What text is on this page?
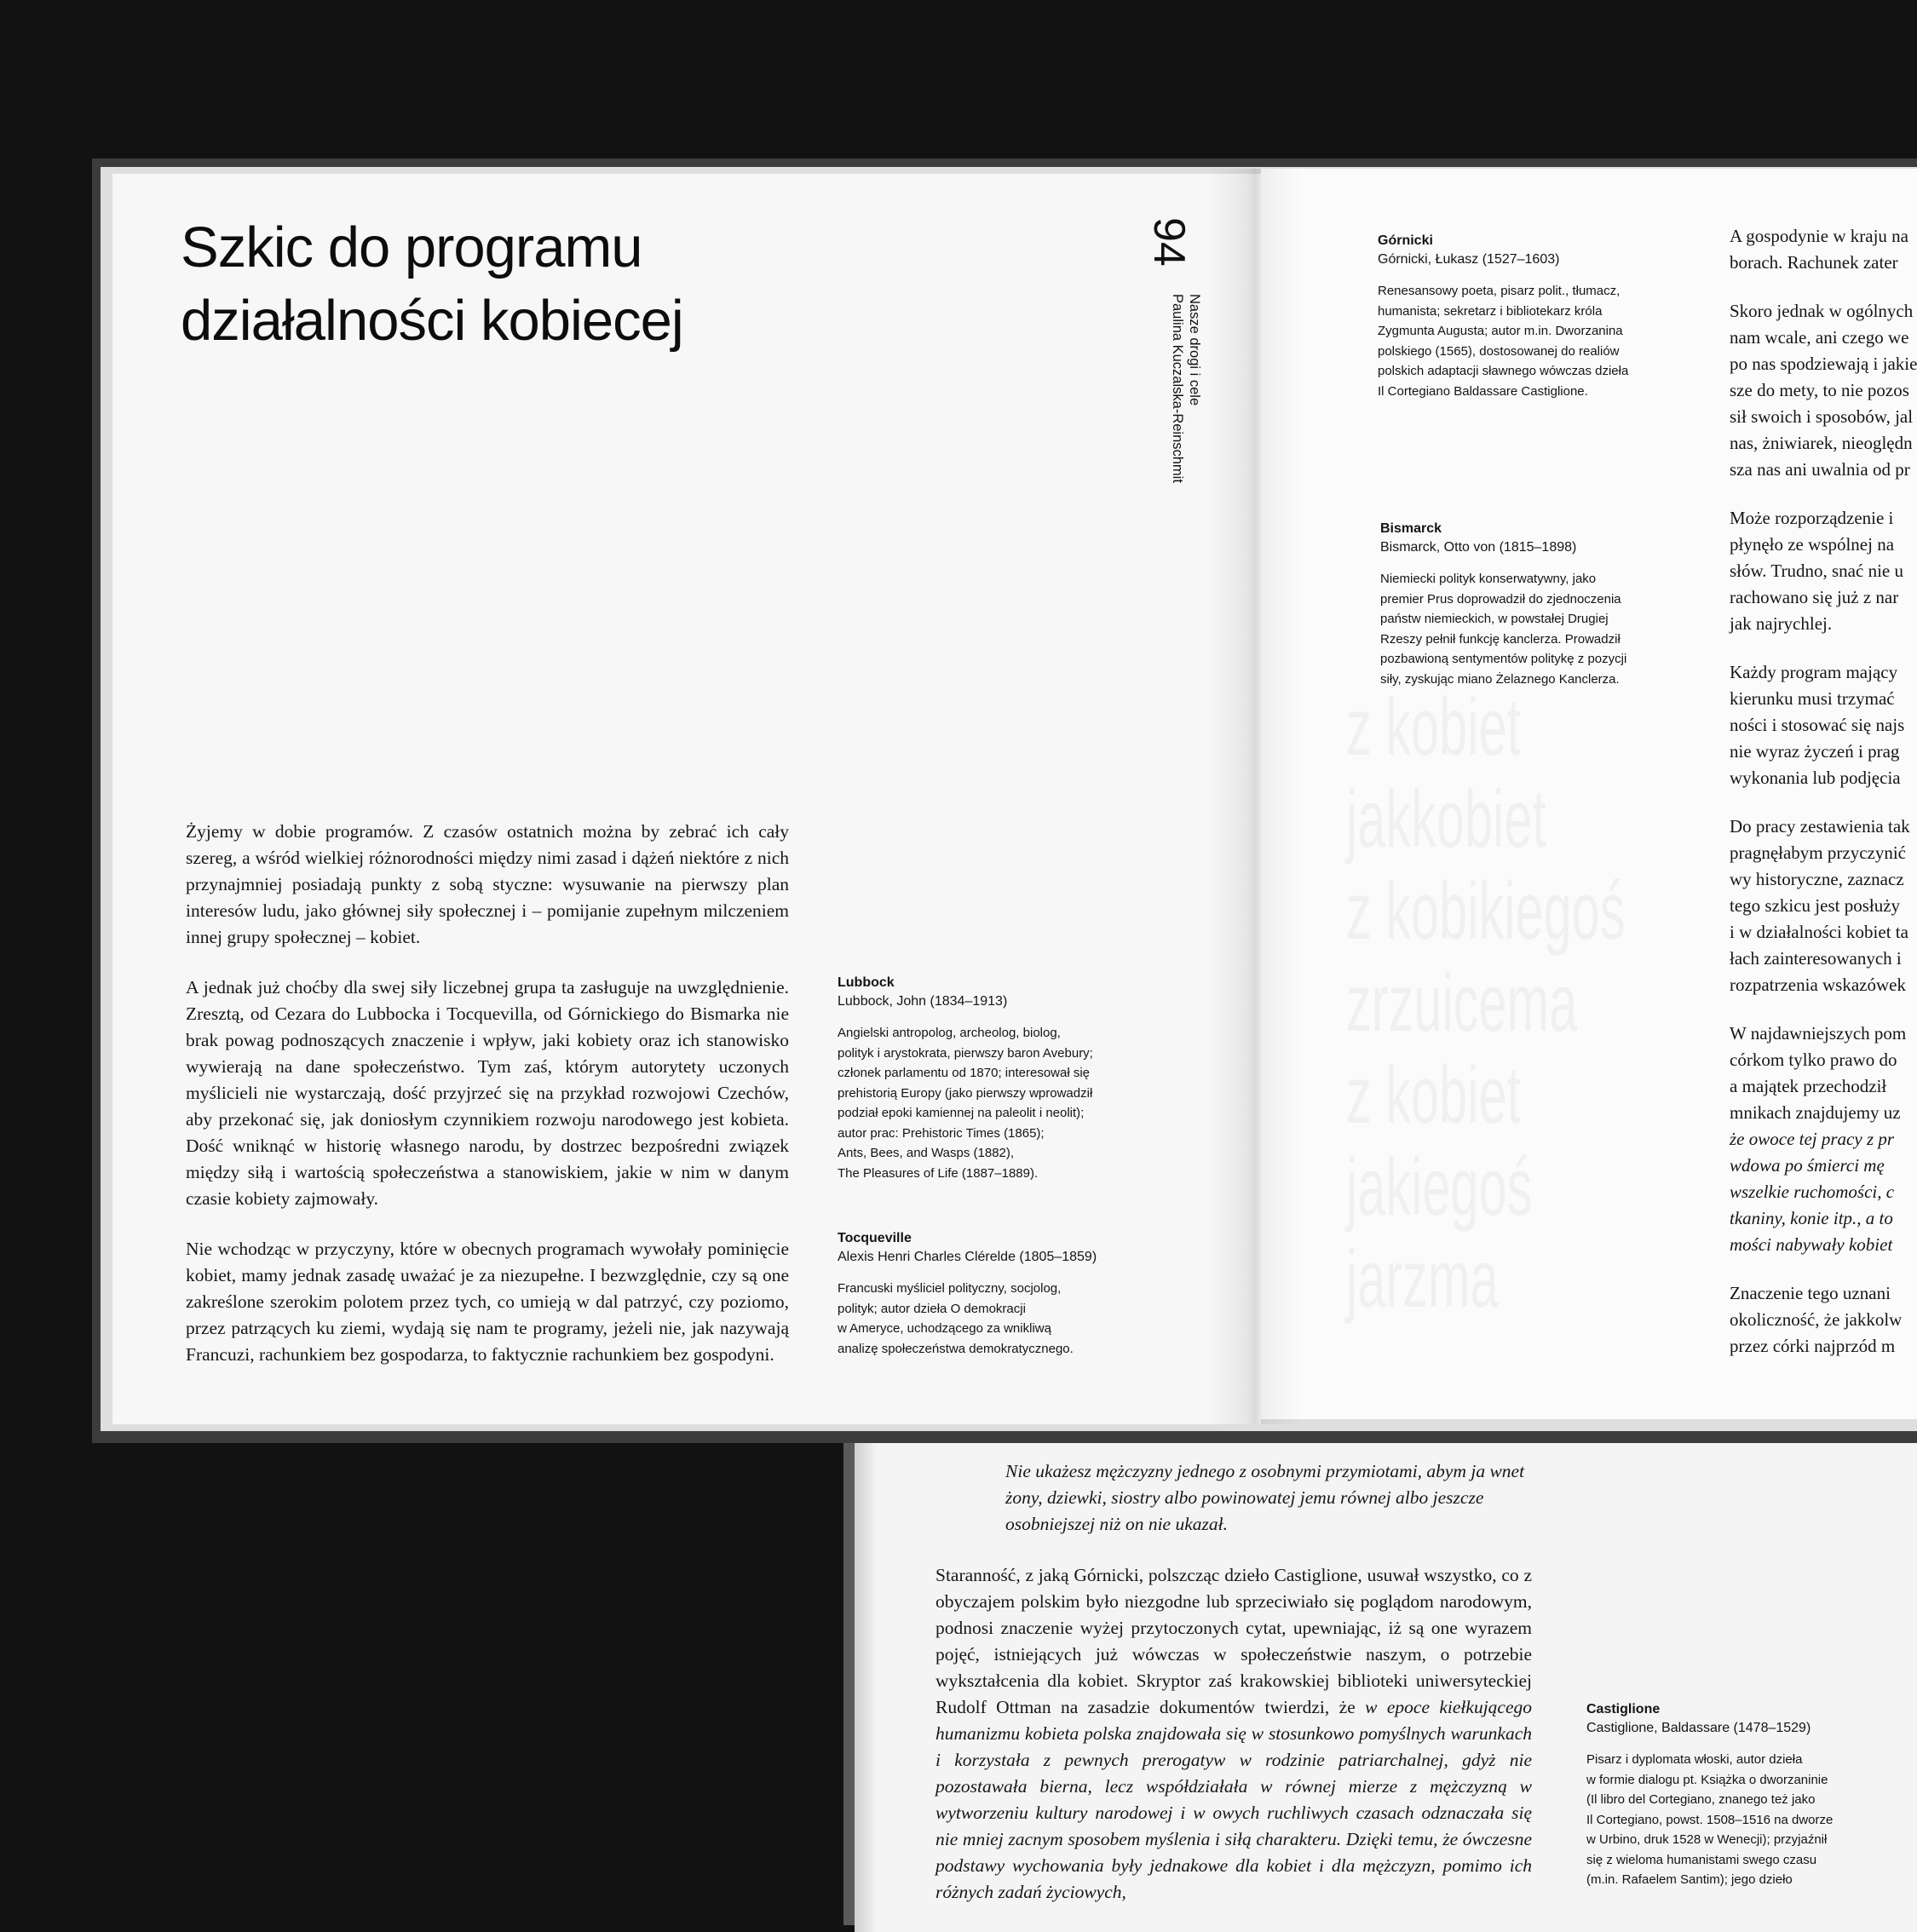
Nie ukażesz mężczyzny jednego z osobnymi przymiotami, abym ja wnet żony, dziewki, siostry albo powinowatej jemu równej albo jeszcze osobniejszej niż on nie ukazał.
Staranność, z jaką Górnicki, polszcząc dzieło Castiglione, usuwał wszystko, co z obyczajem polskim było niezgodne lub sprzeciwiało się poglądom narodowym, podnosi znaczenie wyżej przytoczonych cytat, upewniając, iż są one wyrazem pojęć, istniejących już wówczas w społeczeństwie naszym, o potrzebie wykształcenia dla kobiet. Skryptor zaś krakowskiej biblioteki uniwersyteckiej Rudolf Ottman na zasadzie dokumentów twierdzi, że w epoce kiełkującego humanizmu kobieta polska znajdowała się w stosunkowo pomyślnych warunkach i korzystała z pewnych prerogatyw w rodzinie patriarchalnej, gdyż nie pozostawała bierna, lecz współdziałała w równej mierze z mężczyzną w wytworzeniu kultury narodowej i w owych ruchliwych czasach odznaczała się nie mniej zacnym sposobem myślenia i siłą charakteru. Dzięki temu, że ówczesne podstawy wychowania były jednakowe dla kobiet i dla mężczyzn, pomimo ich różnych zadań życiowych,
Castiglione
Castiglione, Baldassare (1478–1529)
Pisarz i dyplomata włoski, autor dzieła
w formie dialogu pt. Książka o dworzaninie
(Il libro del Cortegiano, znanego też jako
Il Cortegiano, powst. 1508–1516 na dworze
w Urbino, druk 1528 w Wenecji); przyjaźnił
się z wieloma humanistami swego czasu
(m.in. Rafaelem Santim); jego dzieło
Szkic do programu
działalności kobiecej
94
Nasze drogi i cele
Paulina Kuczalska-Reinschmit

Żyjemy w dobie programów. Z czasów ostatnich można by zebrać ich cały szereg, a wśród wielkiej różnorodności między nimi zasad i dążeń niektóre z nich przynajmniej posiadają punkty z sobą styczne: wysuwanie na pierwszy plan interesów ludu, jako głównej siły społecznej i – pomijanie zupełnym milczeniem innej grupy społecznej – kobiet.

A jednak już choćby dla swej siły liczebnej grupa ta zasługuje na uwzględnienie. Zresztą, od Cezara do Lubbocka i Tocquevilla, od Górnickiego do Bismarka nie brak powag podnoszących znaczenie i wpływ, jaki kobiety oraz ich stanowisko wywierają na dane społeczeństwo. Tym zaś, którym autorytety uczonych myślicieli nie wystarczają, dość przyjrzeć się na przykład rozwojowi Czechów, aby przekonać się, jak doniosłym czynnikiem rozwoju narodowego jest kobieta. Dość wniknąć w historię własnego narodu, by dostrzec bezpośredni związek między siłą i wartością społeczeństwa a stanowiskiem, jakie w nim w danym czasie kobiety zajmowały.

Nie wchodząc w przyczyny, które w obecnych programach wywołały pominięcie kobiet, mamy jednak zasadę uważać je za niezupełne. I bezwzględnie, czy są one zakreślone szerokim polotem przez tych, co umieją w dal patrzyć, czy poziomo, przez patrzących ku ziemi, wydają się nam te programy, jeżeli nie, jak nazywają Francuzi, rachunkiem bez gospodarza, to faktycznie rachunkiem bez gospodyni.

Lubbock
Lubbock, John (1834–1913)
Angielski antropolog, archeolog, biolog,
polityk i arystokrata, pierwszy baron Avebury;
członek parlamentu od 1870; interesował się
prehistorią Europy (jako pierwszy wprowadził
podział epoki kamiennej na paleolit i neolit);
autor prac: Prehistoric Times (1865);
Ants, Bees, and Wasps (1882),
The Pleasures of Life (1887–1889).
Tocqueville
Alexis Henri Charles Clérelde (1805–1859)
Francuski myśliciel polityczny, socjolog,
polityk; autor dzieła O demokracji
w Ameryce, uchodzącego za wnikliwą
analizę społeczeństwa demokratycznego.
Górnicki
Górnicki, Łukasz (1527–1603)
Renesansowy poeta, pisarz polit., tłumacz,
humanista; sekretarz i bibliotekarz króla
Zygmunta Augusta; autor m.in. Dworzanina
polskiego (1565), dostosowanej do realiów
polskich adaptacji sławnego wówczas dzieła
Il Cortegiano Baldassare Castiglione.
Bismarck
Bismarck, Otto von (1815–1898)
Niemiecki polityk konserwatywny, jako
premier Prus doprowadził do zjednoczenia
państw niemieckich, w powstałej Drugiej
Rzeszy pełnił funkcję kanclerza. Prowadził
pozbawioną sentymentów politykę z pozycji
siły, zyskując miano Żelaznego Kanclerza.

A gospodynie w kraju na
borach. Rachunek zater

Skoro jednak w ogólnych
nam wcale, ani czego we
po nas spodziewają i jakie
sze do mety, to nie pozos
sił swoich i sposobów, jal
nas, żniwiarek, nieoględn
sza nas ani uwalnia od pr

Może rozporządzenie i
płynęło ze wspólnej na
słów. Trudno, snać nie u
rachowano się już z nar
jak najrychlej.

Każdy program mający
kierunku musi trzymać
ności i stosować się najs
nie wyraz życzeń i prag
wykonania lub podjęcia

Do pracy zestawienia tak
pragnęłabym przyczynić
wy historyczne, zaznacz
tego szkicu jest posłuży
i w działalności kobiet ta
łach zainteresowanych i
rozpatrzenia wskazówek

W najdawniejszych pom
córkom tylko prawo do
a majątek przechodził
mnikach znajdujemy uz
że owoce tej pracy z pr
wdowa po śmierci mę
wszelkie ruchomości, c
tkaniny, konie itp., a to
mości nabywały kobiet

Znaczenie tego uznani
okoliczność, że jakkolw
przez córki najprzód m
